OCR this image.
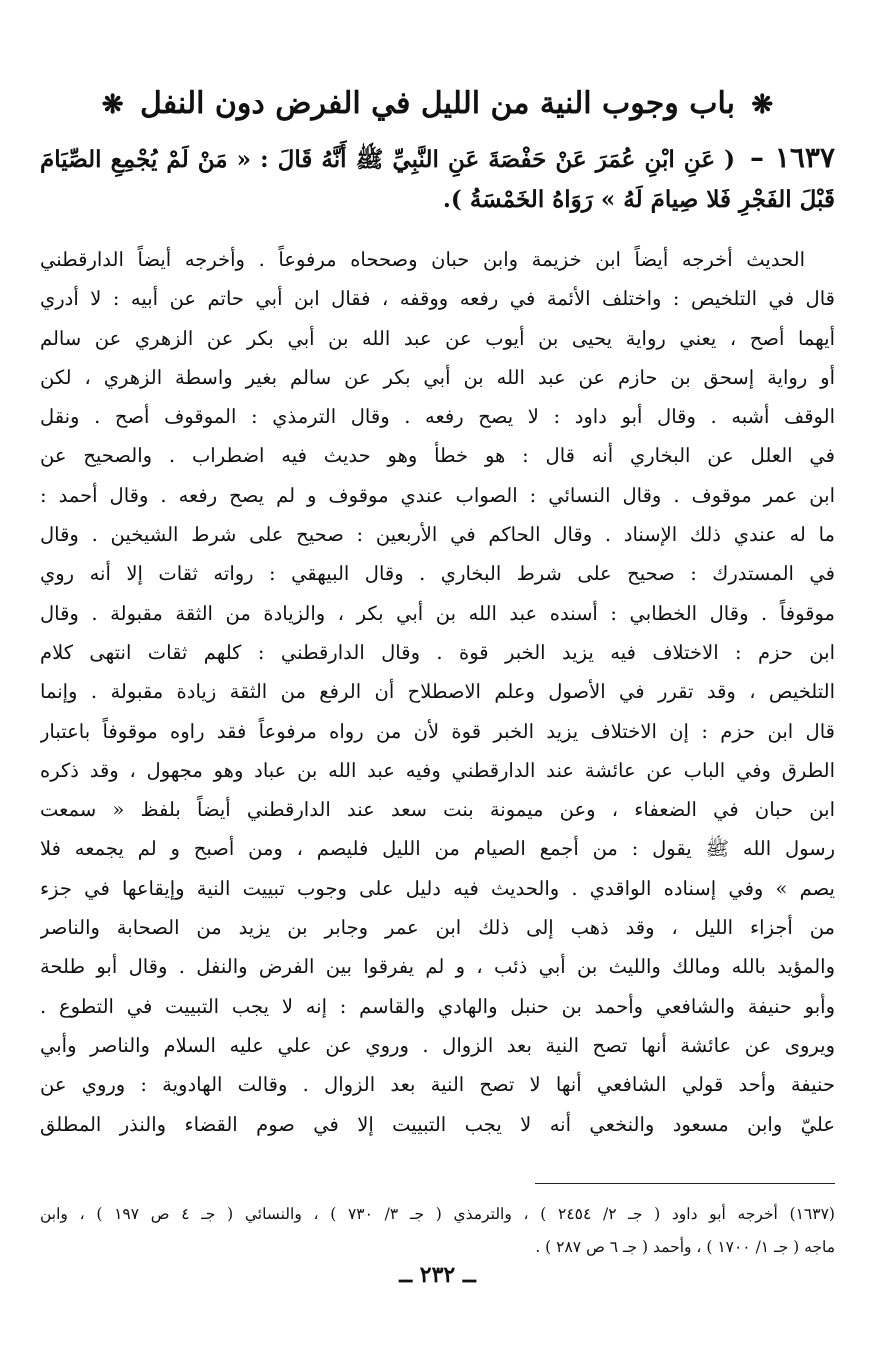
❋ باب وجوب النية من الليل في الفرض دون النفل ❋
١٦٣٧ – ( عَنِ ابْنِ عُمَرَ عَنْ حَفْصَةَ عَنِ النَّبِيِّ ﷺ أَنَّهُ قَالَ : « مَنْ لَمْ يُجْمِعِ الصِّيَامَ قَبْلَ الفَجْرِ فَلا صِيامَ لَهُ » رَوَاهُ الخَمْسَةُ ).
الحديث أخرجه أيضاً ابن خزيمة وابن حبان وصححاه مرفوعاً . وأخرجه أيضاً الدارقطني
قال في التلخيص : واختلف الأئمة في رفعه ووقفه ، فقال ابن أبي حاتم عن أبيه : لا أدري
أيهما أصح ، يعني رواية يحيى بن أيوب عن عبد الله بن أبي بكر عن الزهري عن سالم
أو رواية إسحق بن حازم عن عبد الله بن أبي بكر عن سالم بغير واسطة الزهري ، لكن
الوقف أشبه . وقال أبو داود : لا يصح رفعه . وقال الترمذي : الموقوف أصح . ونقل
في العلل عن البخاري أنه قال : هو خطأ وهو حديث فيه اضطراب . والصحيح عن
ابن عمر موقوف . وقال النسائي : الصواب عندي موقوف و لم يصح رفعه . وقال أحمد :
ما له عندي ذلك الإسناد . وقال الحاكم في الأربعين : صحيح على شرط الشيخين . وقال
في المستدرك : صحيح على شرط البخاري . وقال البيهقي : رواته ثقات إلا أنه روي
موقوفاً . وقال الخطابي : أسنده عبد الله بن أبي بكر ، والزيادة من الثقة مقبولة . وقال
ابن حزم : الاختلاف فيه يزيد الخبر قوة . وقال الدارقطني : كلهم ثقات انتهى كلام
التلخيص ، وقد تقرر في الأصول وعلم الاصطلاح أن الرفع من الثقة زيادة مقبولة . وإنما
قال ابن حزم : إن الاختلاف يزيد الخبر قوة لأن من رواه مرفوعاً فقد راوه موقوفاً باعتبار
الطرق وفي الباب عن عائشة عند الدارقطني وفيه عبد الله بن عباد وهو مجهول ، وقد ذكره
ابن حبان في الضعفاء ، وعن ميمونة بنت سعد عند الدارقطني أيضاً بلفظ « سمعت
رسول الله ﷺ يقول : من أجمع الصيام من الليل فليصم ، ومن أصبح و لم يجمعه فلا
يصم » وفي إسناده الواقدي . والحديث فيه دليل على وجوب تبييت النية وإيقاعها في جزء
من أجزاء الليل ، وقد ذهب إلى ذلك ابن عمر وجابر بن يزيد من الصحابة والناصر
والمؤيد بالله ومالك والليث بن أبي ذئب ، و لم يفرقوا بين الفرض والنفل . وقال أبو طلحة
وأبو حنيفة والشافعي وأحمد بن حنبل والهادي والقاسم : إنه لا يجب التبييت في التطوع .
ويروى عن عائشة أنها تصح النية بعد الزوال . وروي عن علي عليه السلام والناصر وأبي
حنيفة وأحد قولي الشافعي أنها لا تصح النية بعد الزوال . وقالت الهادوية : وروي عن
عليّ وابن مسعود والنخعي أنه لا يجب التبييت إلا في صوم القضاء والنذر المطلق
(١٦٣٧) أخرجه أبو داود ( جـ ٢/ ٢٤٥٤ ) ، والترمذي ( جـ ٣/ ٧٣٠ ) ، والنسائي ( جـ ٤ ص ١٩٧ ) ، وابن
ماجه ( جـ ١/ ١٧٠٠ ) ، وأحمد ( جـ ٦ ص ٢٨٧ ) .
ــ ٢٣٢ ــ
